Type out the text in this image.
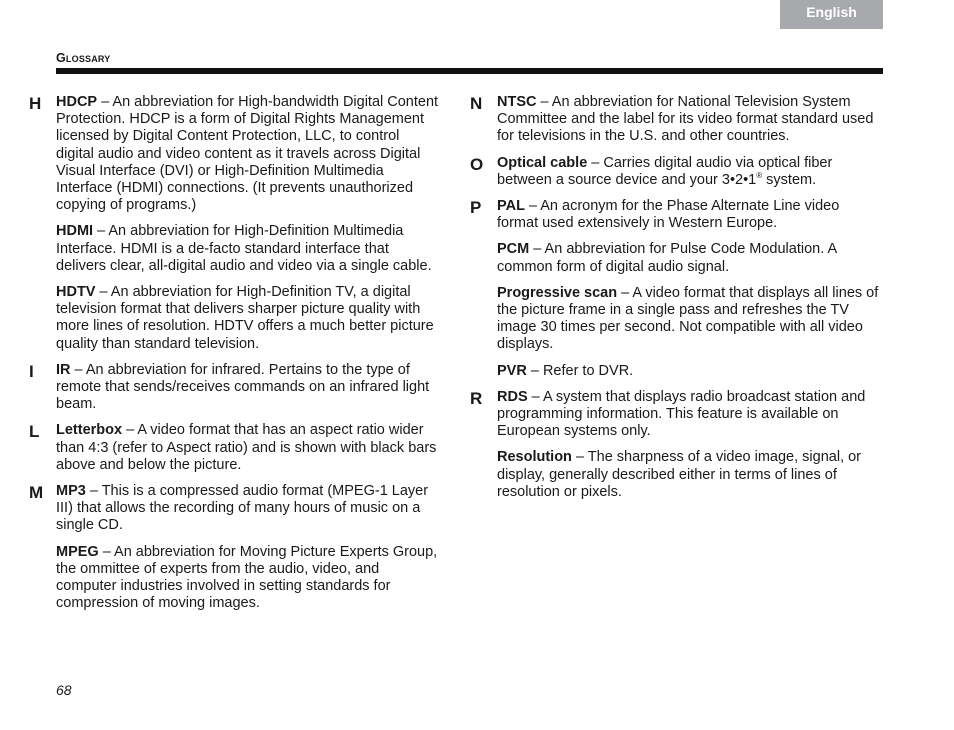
English
Glossary
H HDCP – An abbreviation for High-bandwidth Digital Content Protection. HDCP is a form of Digital Rights Management licensed by Digital Content Protection, LLC, to control digital audio and video content as it travels across Digital Visual Interface (DVI) or High-Definition Multimedia Interface (HDMI) connections. (It prevents unauthorized copying of programs.)

HDMI – An abbreviation for High-Definition Multimedia Interface. HDMI is a de-facto standard interface that delivers clear, all-digital audio and video via a single cable.

HDTV – An abbreviation for High-Definition TV, a digital television format that delivers sharper picture quality with more lines of resolution. HDTV offers a much better picture quality than standard television.

I IR – An abbreviation for infrared. Pertains to the type of remote that sends/receives commands on an infrared light beam.

L Letterbox – A video format that has an aspect ratio wider than 4:3 (refer to Aspect ratio) and is shown with black bars above and below the picture.

M MP3 – This is a compressed audio format (MPEG-1 Layer III) that allows the recording of many hours of music on a single CD.

MPEG – An abbreviation for Moving Picture Experts Group, the ommittee of experts from the audio, video, and computer industries involved in setting standards for compression of moving images.

N NTSC – An abbreviation for National Television System Committee and the label for its video format standard used for televisions in the U.S. and other countries.

O Optical cable – Carries digital audio via optical fiber between a source device and your 3•2•1® system.

P PAL – An acronym for the Phase Alternate Line video format used extensively in Western Europe.

PCM – An abbreviation for Pulse Code Modulation. A common form of digital audio signal.

Progressive scan – A video format that displays all lines of the picture frame in a single pass and refreshes the TV image 30 times per second. Not compatible with all video displays.

PVR – Refer to DVR.

R RDS – A system that displays radio broadcast station and programming information. This feature is available on European systems only.

Resolution – The sharpness of a video image, signal, or display, generally described either in terms of lines of resolution or pixels.

68
